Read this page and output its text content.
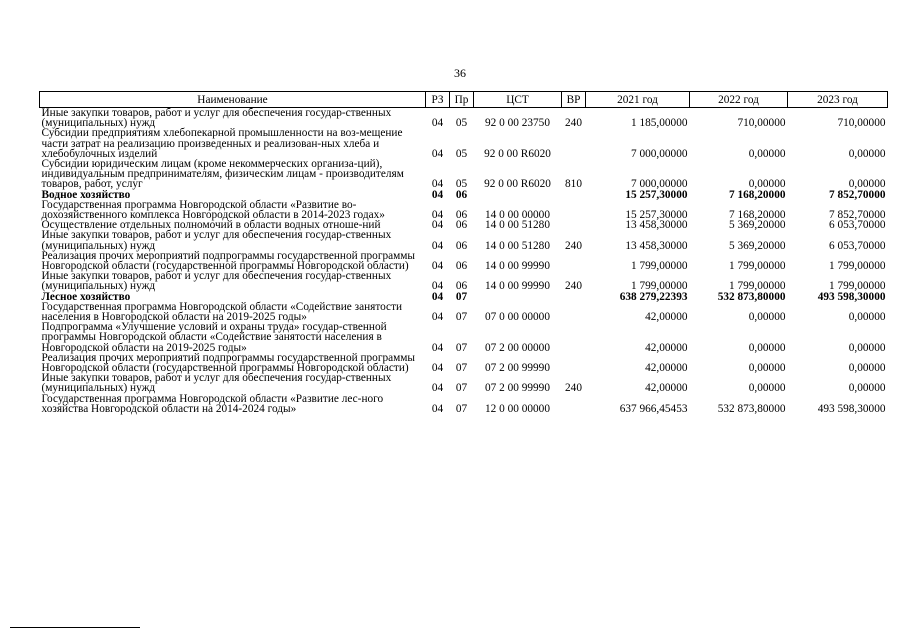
36
Наименование	РЗ	Пр	ЦСТ	ВР	2021 год	2022 год	2023 год
Иные закупки товаров, работ и услуг для обеспечения государ-ственных (муниципальных) нужд	04	05	92 0 00 23750	240	1 185,00000	710,00000	710,00000
Субсидии предприятиям хлебопекарной промышленности на воз-мещение части затрат на реализацию произведенных и реализован-ных хлеба и хлебобулочных изделий	04	05	92 0 00 R6020		7 000,00000	0,00000	0,00000
Субсидии юридическим лицам (кроме некоммерческих организа-ций), индивидуальным предпринимателям, физическим лицам - производителям товаров, работ, услуг	04	05	92 0 00 R6020	810	7 000,00000	0,00000	0,00000
Водное хозяйство	04	06			15 257,30000	7 168,20000	7 852,70000
Государственная программа Новгородской области «Развитие во-дохозяйственного комплекса Новгородской области в 2014-2023 годах»	04	06	14 0 00 00000		15 257,30000	7 168,20000	7 852,70000
Осуществление отдельных полномочий в области водных отноше-ний	04	06	14 0 00 51280		13 458,30000	5 369,20000	6 053,70000
Иные закупки товаров, работ и услуг для обеспечения государ-ственных (муниципальных) нужд	04	06	14 0 00 51280	240	13 458,30000	5 369,20000	6 053,70000
Реализация прочих мероприятий подпрограммы государственной программы Новгородской области (государственной программы Новгородской области)	04	06	14 0 00 99990		1 799,00000	1 799,00000	1 799,00000
Иные закупки товаров, работ и услуг для обеспечения государ-ственных (муниципальных) нужд	04	06	14 0 00 99990	240	1 799,00000	1 799,00000	1 799,00000
Лесное хозяйство	04	07			638 279,22393	532 873,80000	493 598,30000
Государственная программа Новгородской области «Содействие занятости населения в Новгородской области на 2019-2025 годы»	04	07	07 0 00 00000		42,00000	0,00000	0,00000
Подпрограмма «Улучшение условий и охраны труда» государ-ственной программы Новгородской области «Содействие занятости населения в Новгородской области на 2019-2025 годы»	04	07	07 2 00 00000		42,00000	0,00000	0,00000
Реализация прочих мероприятий подпрограммы государственной программы Новгородской области (государственной программы Новгородской области)	04	07	07 2 00 99990		42,00000	0,00000	0,00000
Иные закупки товаров, работ и услуг для обеспечения государ-ственных (муниципальных) нужд	04	07	07 2 00 99990	240	42,00000	0,00000	0,00000
Государственная программа Новгородской области «Развитие лес-ного хозяйства Новгородской области на 2014-2024 годы»	04	07	12 0 00 00000		637 966,45453	532 873,80000	493 598,30000
